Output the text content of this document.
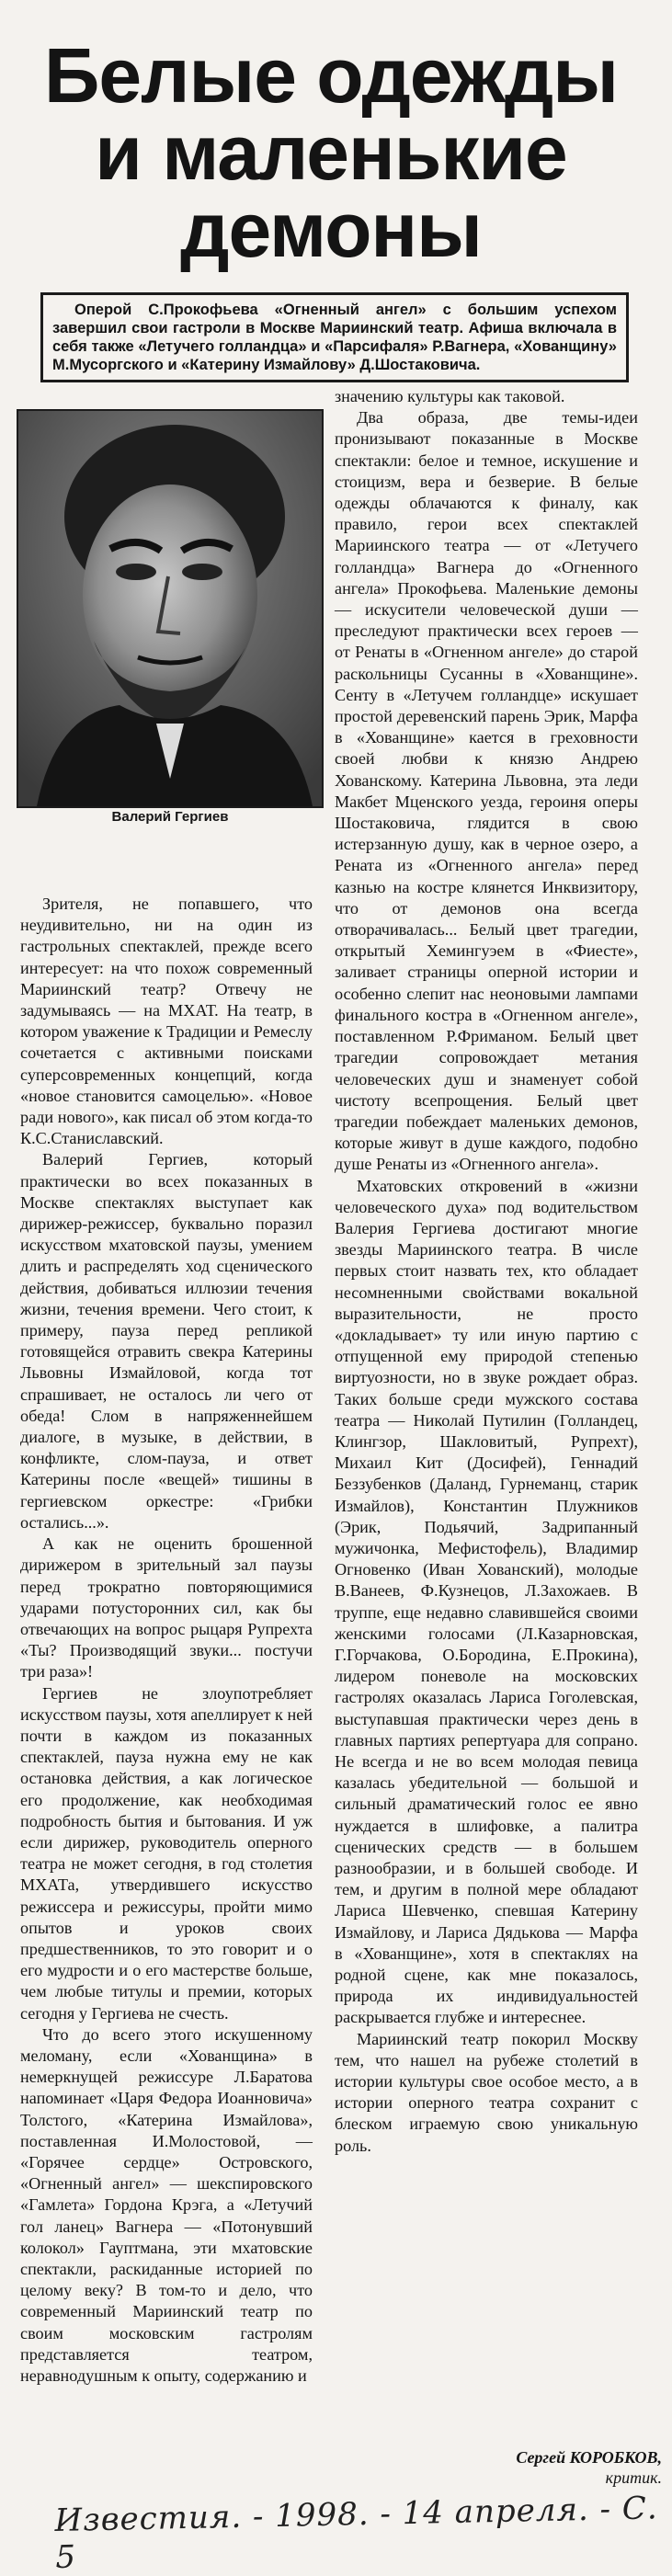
Белые одежды
и маленькие
демоны
Оперой С.Прокофьева «Огненный ангел» с большим успехом завершил свои гастроли в Москве Мариинский театр. Афиша включала в себя также «Летучего голландца» и «Парсифаля» Р.Вагнера, «Хованщину» М.Мусоргского и «Катерину Измайлову» Д.Шостаковича.
Валерий Гергиев

значению культуры как таковой.

Два образа, две темы-идеи пронизывают показанные в Москве спектакли: белое и темное, искушение и стоицизм, вера и безверие. В белые одежды облачаются к финалу, как правило, герои всех спектаклей Мариинского театра — от «Летучего голландца» Вагнера до «Огненного ангела» Прокофьева. Маленькие демоны — искусители человеческой души — преследуют практически всех героев — от Ренаты в «Огненном ангеле» до старой раскольницы Сусанны в «Хованщине». Сенту в «Летучем голландце» искушает простой деревенский парень Эрик, Марфа в «Хованщине» кается в греховности своей любви к князю Андрею Хованскому. Катерина Львовна, эта леди Макбет Мценского уезда, героиня оперы Шостаковича, глядится в свою истерзанную душу, как в черное озеро, а Рената из «Огненного ангела» перед казнью на костре клянется Инквизитору, что от демонов она всегда отворачивалась... Белый цвет трагедии, открытый Хемингуэем в «Фиесте», заливает страницы оперной истории и особенно слепит нас неоновыми лампами финального костра в «Огненном ангеле», поставленном Р.Фриманом. Белый цвет трагедии сопровождает метания человеческих душ и знаменует собой чистоту всепрощения. Белый цвет трагедии побеждает маленьких демонов, которые живут в душе каждого, подобно душе Ренаты из «Огненного ангела».

Мхатовских откровений в «жизни человеческого духа» под водительством Валерия Гергиева достигают многие звезды Мариинского театра. В числе первых стоит назвать тех, кто обладает несомненными свойствами вокальной выразительности, не просто «докладывает» ту или иную партию с отпущенной ему природой степенью виртуозности, но в звуке рождает образ. Таких больше среди мужского состава театра — Николай Путилин (Голландец, Клингзор, Шакловитый, Рупрехт), Михаил Кит (Досифей), Геннадий Беззубенков (Даланд, Гурнеманц, старик Измайлов), Константин Плужников (Эрик, Подьячий, Задрипанный мужичонка, Мефистофель), Владимир Огновенко (Иван Хованский), молодые В.Ванеев, Ф.Кузнецов, Л.Захожаев. В труппе, еще недавно славившейся своими женскими голосами (Л.Казарновская, Г.Горчакова, О.Бородина, Е.Прокина), лидером поневоле на московских гастролях оказалась Лариса Гоголевская, выступавшая практически через день в главных партиях репертуара для сопрано. Не всегда и не во всем молодая певица казалась убедительной — большой и сильный драматический голос ее явно нуждается в шлифовке, а палитра сценических средств — в большем разнообразии, и в большей свободе. И тем, и другим в полной мере обладают Лариса Шевченко, спевшая Катерину Измайлову, и Лариса Дядькова — Марфа в «Хованщине», хотя в спектаклях на родной сцене, как мне показалось, природа их индивидуальностей раскрывается глубже и интереснее.

Мариинский театр покорил Москву тем, что нашел на рубеже столетий в истории культуры свое особое место, а в истории оперного театра сохранит с блеском играемую свою уникальную роль.

Зрителя, не попавшего, что неудивительно, ни на один из гастрольных спектаклей, прежде всего интересует: на что похож современный Мариинский театр? Отвечу не задумываясь — на МХАТ. На театр, в котором уважение к Традиции и Ремеслу сочетается с активными поисками суперсовременных концепций, когда «новое становится самоцелью». «Новое ради нового», как писал об этом когда-то К.С.Станиславский.

Валерий Гергиев, который практически во всех показанных в Москве спектаклях выступает как дирижер-режиссер, буквально поразил искусством мхатовской паузы, умением длить и распределять ход сценического действия, добиваться иллюзии течения жизни, течения времени. Чего стоит, к примеру, пауза перед репликой готовящейся отравить свекра Катерины Львовны Измайловой, когда тот спрашивает, не осталось ли чего от обеда! Слом в напряженнейшем диалоге, в музыке, в действии, в конфликте, слом-пауза, и ответ Катерины после «вещей» тишины в гергиевском оркестре: «Грибки остались...».

А как не оценить брошенной дирижером в зрительный зал паузы перед трократно повторяющимися ударами потусторонних сил, как бы отвечающих на вопрос рыцаря Рупрехта «Ты? Производящий звуки... постучи три раза»!

Гергиев не злоупотребляет искусством паузы, хотя апеллирует к ней почти в каждом из показанных спектаклей, пауза нужна ему не как остановка действия, а как логическое его продолжение, как необходимая подробность бытия и бытования. И уж если дирижер, руководитель оперного театра не может сегодня, в год столетия МХАТа, утвердившего искусство режиссера и режиссуры, пройти мимо опытов и уроков своих предшественников, то это говорит и о его мудрости и о его мастерстве больше, чем любые титулы и премии, которых сегодня у Гергиева не счесть.

Что до всего этого искушенному меломану, если «Хованщина» в немеркнущей режиссуре Л.Баратова напоминает «Царя Федора Иоанновича» Толстого, «Катерина Измайлова», поставленная И.Молостовой, — «Горячее сердце» Островского, «Огненный ангел» — шекспировского «Гамлета» Гордона Крэга, а «Летучий гол ланец» Вагнера — «Потонувший колокол» Гауптмана, эти мхатовские спектакли, раскиданные историей по целому веку? В том-то и дело, что современный Мариинский театр по своим московским гастролям представляется театром, неравнодушным к опыту, содержанию и

Сергей КОРОБКОВ,
критик.
Известия. - 1998. - 14 апреля. - С. 5
